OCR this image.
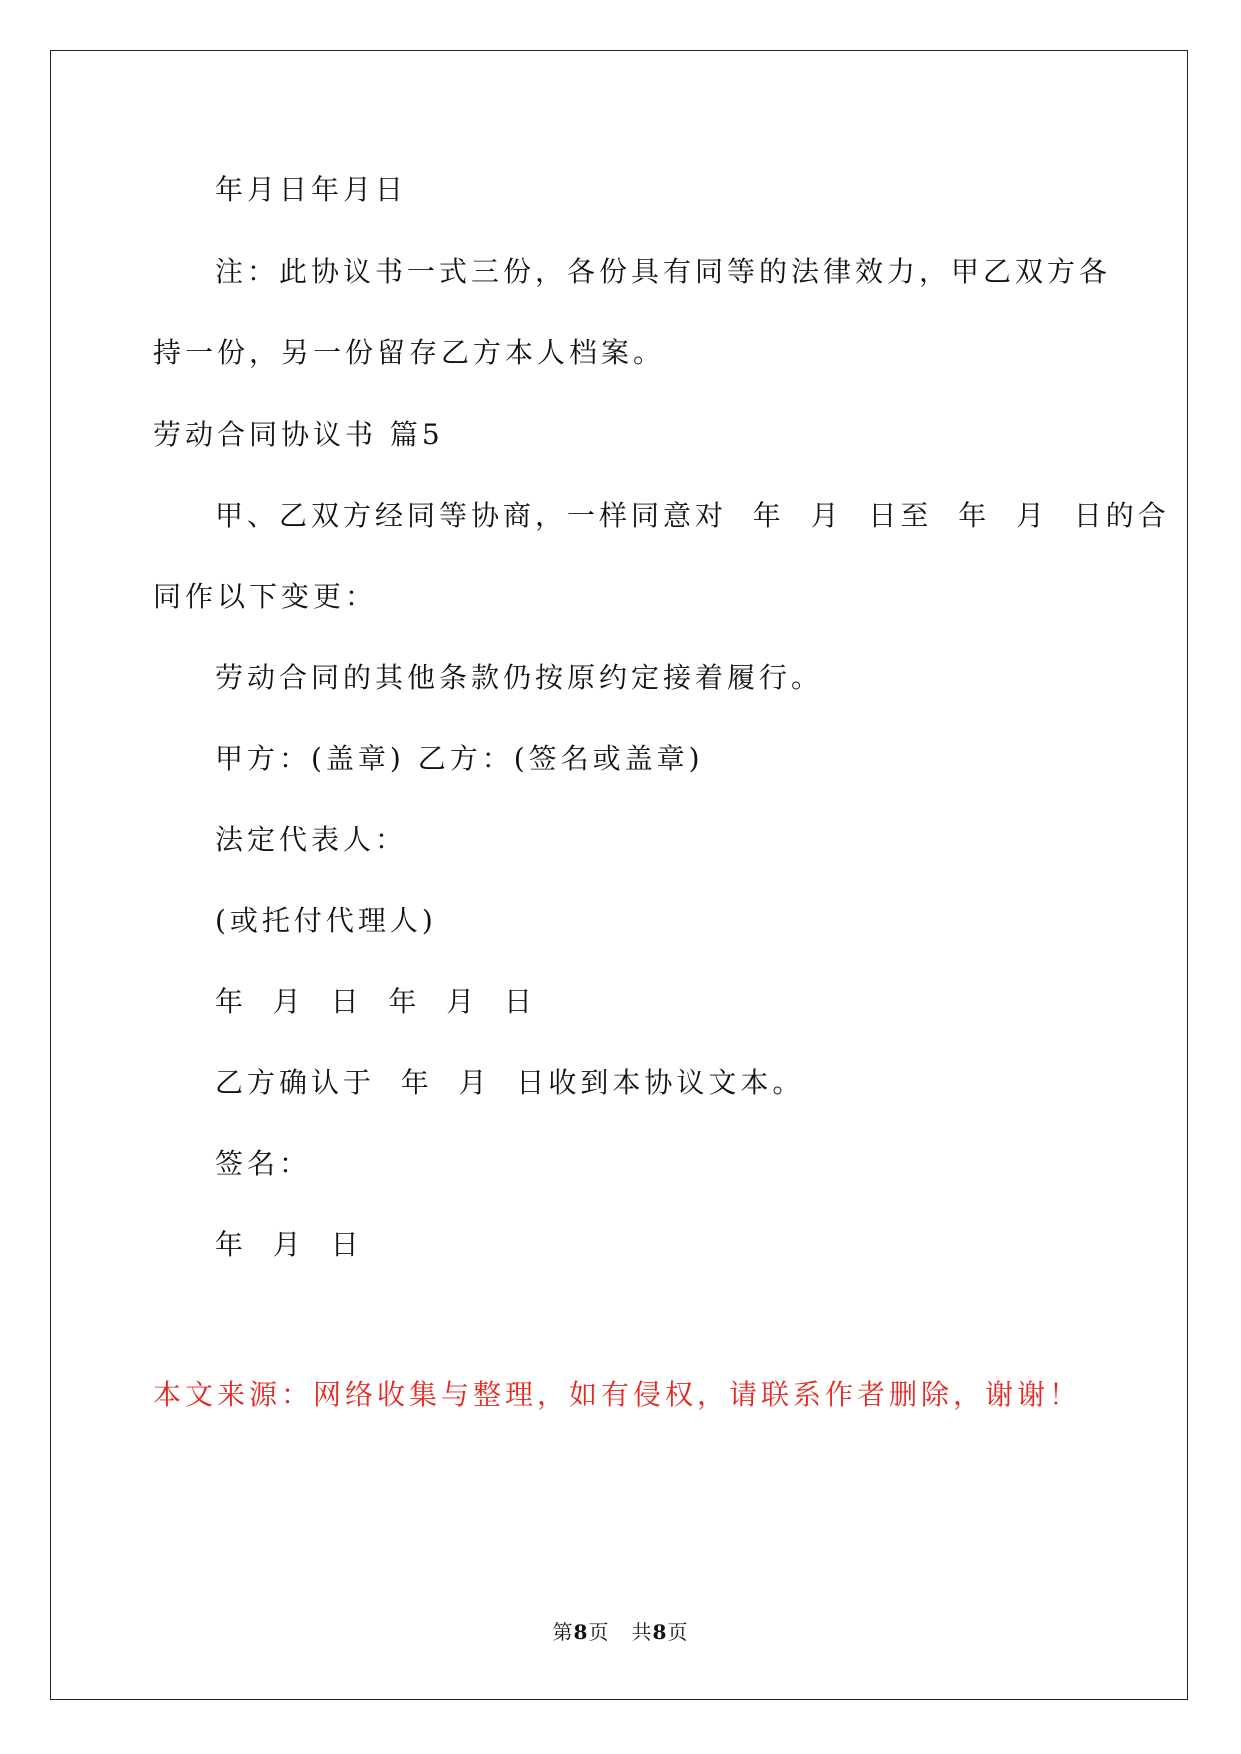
年月日年月日
注：此协议书一式三份，各份具有同等的法律效力，甲乙双方各
持一份，另一份留存乙方本人档案。
劳动合同协议书 篇5
甲、乙双方经同等协商，一样同意对  年  月  日至  年  月  日的合
同作以下变更：
劳动合同的其他条款仍按原约定接着履行。
甲方：(盖章) 乙方：(签名或盖章)
法定代表人：
(或托付代理人)
年  月  日  年  月  日
乙方确认于  年  月  日收到本协议文本。
签名：
年  月  日
本文来源：网络收集与整理，如有侵权，请联系作者删除，谢谢！
第8页 共8页
